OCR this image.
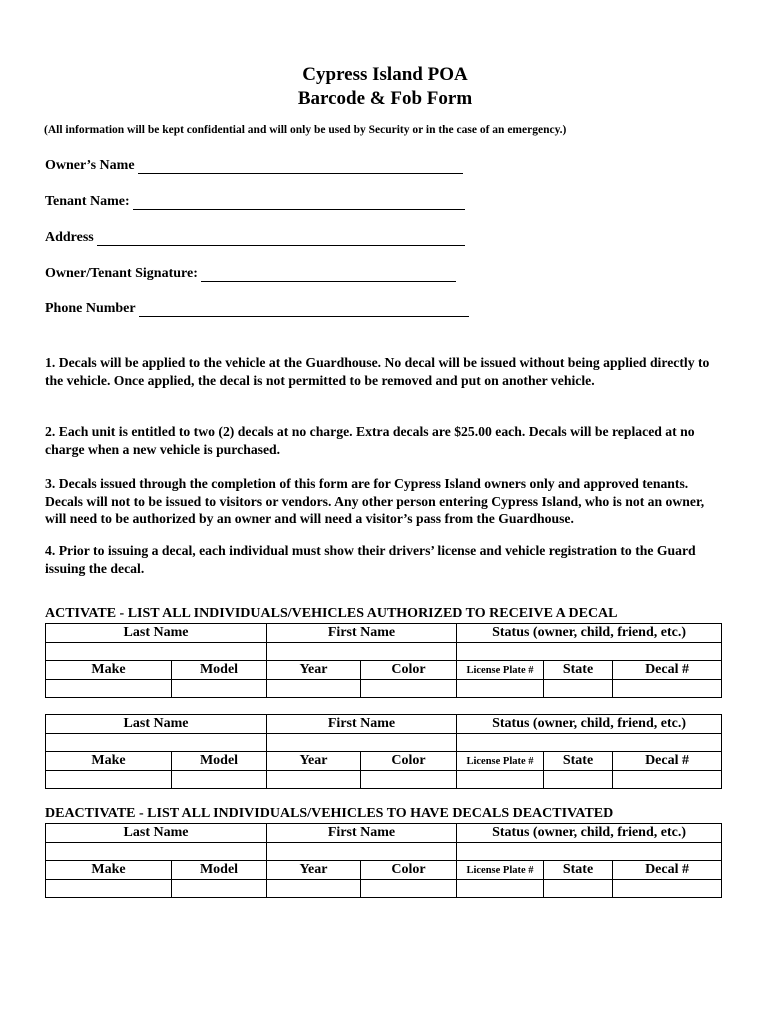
Cypress Island POA
Barcode & Fob Form
(All information will be kept confidential and will only be used by Security or in the case of an emergency.)
Owner’s Name
Tenant Name:
Address
Owner/Tenant Signature:
Phone Number
1. Decals will be applied to the vehicle at the Guardhouse. No decal will be issued without being applied directly to the vehicle. Once applied, the decal is not permitted to be removed and put on another vehicle.
2. Each unit is entitled to two (2) decals at no charge. Extra decals are $25.00 each. Decals will be replaced at no charge when a new vehicle is purchased.
3. Decals issued through the completion of this form are for Cypress Island owners only and approved tenants. Decals will not to be issued to visitors or vendors. Any other person entering Cypress Island, who is not an owner, will need to be authorized by an owner and will need a visitor’s pass from the Guardhouse.
4. Prior to issuing a decal, each individual must show their drivers’ license and vehicle registration to the Guard issuing the decal.
ACTIVATE - LIST ALL INDIVIDUALS/VEHICLES AUTHORIZED TO RECEIVE A DECAL
Last Name		First Name		Status (owner, child, friend, etc.)		

Make	Model	Year	Color	License Plate #	State	Decal #

Last Name		First Name		Status (owner, child, friend, etc.)		

Make	Model	Year	Color	License Plate #	State	Decal #

DEACTIVATE - LIST ALL INDIVIDUALS/VEHICLES TO HAVE DECALS DEACTIVATED
Last Name		First Name		Status (owner, child, friend, etc.)		

Make	Model	Year	Color	License Plate #	State	Decal #
